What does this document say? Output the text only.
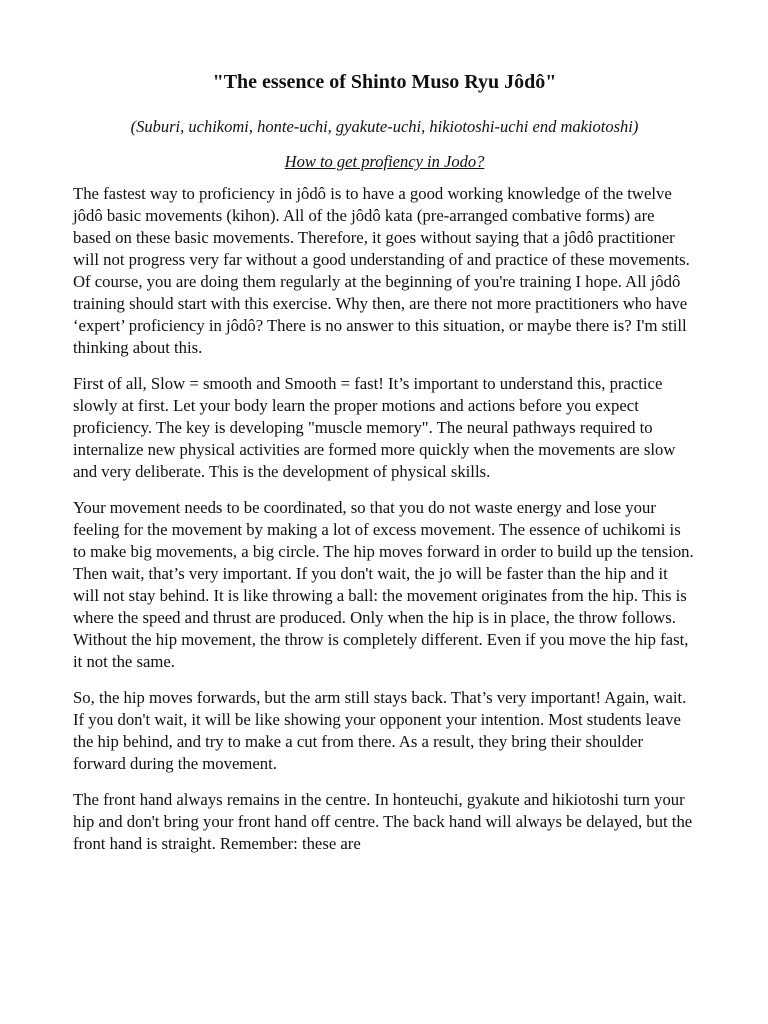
"The essence of Shinto Muso Ryu Jôdô"

(Suburi, uchikomi, honte-uchi, gyakute-uchi, hikiotoshi-uchi end makiotoshi)

How to get profiency in Jodo?

The fastest way to proficiency in jôdô is to have a good working knowledge of the twelve jôdô basic movements (kihon). All of the jôdô kata (pre-arranged combative forms) are based on these basic movements. Therefore, it goes without saying that a jôdô practitioner will not progress very far without a good understanding of and practice of these movements. Of course, you are doing them regularly at the beginning of you're training I hope. All jôdô training should start with this exercise. Why then, are there not more practitioners who have ‘expert’ proficiency in jôdô? There is no answer to this situation, or maybe there is? I'm still thinking about this.

First of all, Slow = smooth and Smooth = fast! It’s important to understand this, practice slowly at first. Let your body learn the proper motions and actions before you expect proficiency. The key is developing "muscle memory". The neural pathways required to internalize new physical activities are formed more quickly when the movements are slow and very deliberate. This is the development of physical skills.

Your movement needs to be coordinated, so that you do not waste energy and lose your feeling for the movement by making a lot of excess movement. The essence of uchikomi is to make big movements, a big circle. The hip moves forward in order to build up the tension. Then wait, that’s very important. If you don't wait, the jo will be faster than the hip and it will not stay behind. It is like throwing a ball: the movement originates from the hip. This is where the speed and thrust are produced. Only when the hip is in place, the throw follows. Without the hip movement, the throw is completely different. Even if you move the hip fast, it not the same.

So, the hip moves forwards, but the arm still stays back. That’s very important! Again, wait. If you don't wait, it will be like showing your opponent your intention. Most students leave the hip behind, and try to make a cut from there. As a result, they bring their shoulder forward during the movement.

The front hand always remains in the centre. In honteuchi, gyakute and hikiotoshi turn your hip and don't bring your front hand off centre. The back hand will always be delayed, but the front hand is straight. Remember: these are
